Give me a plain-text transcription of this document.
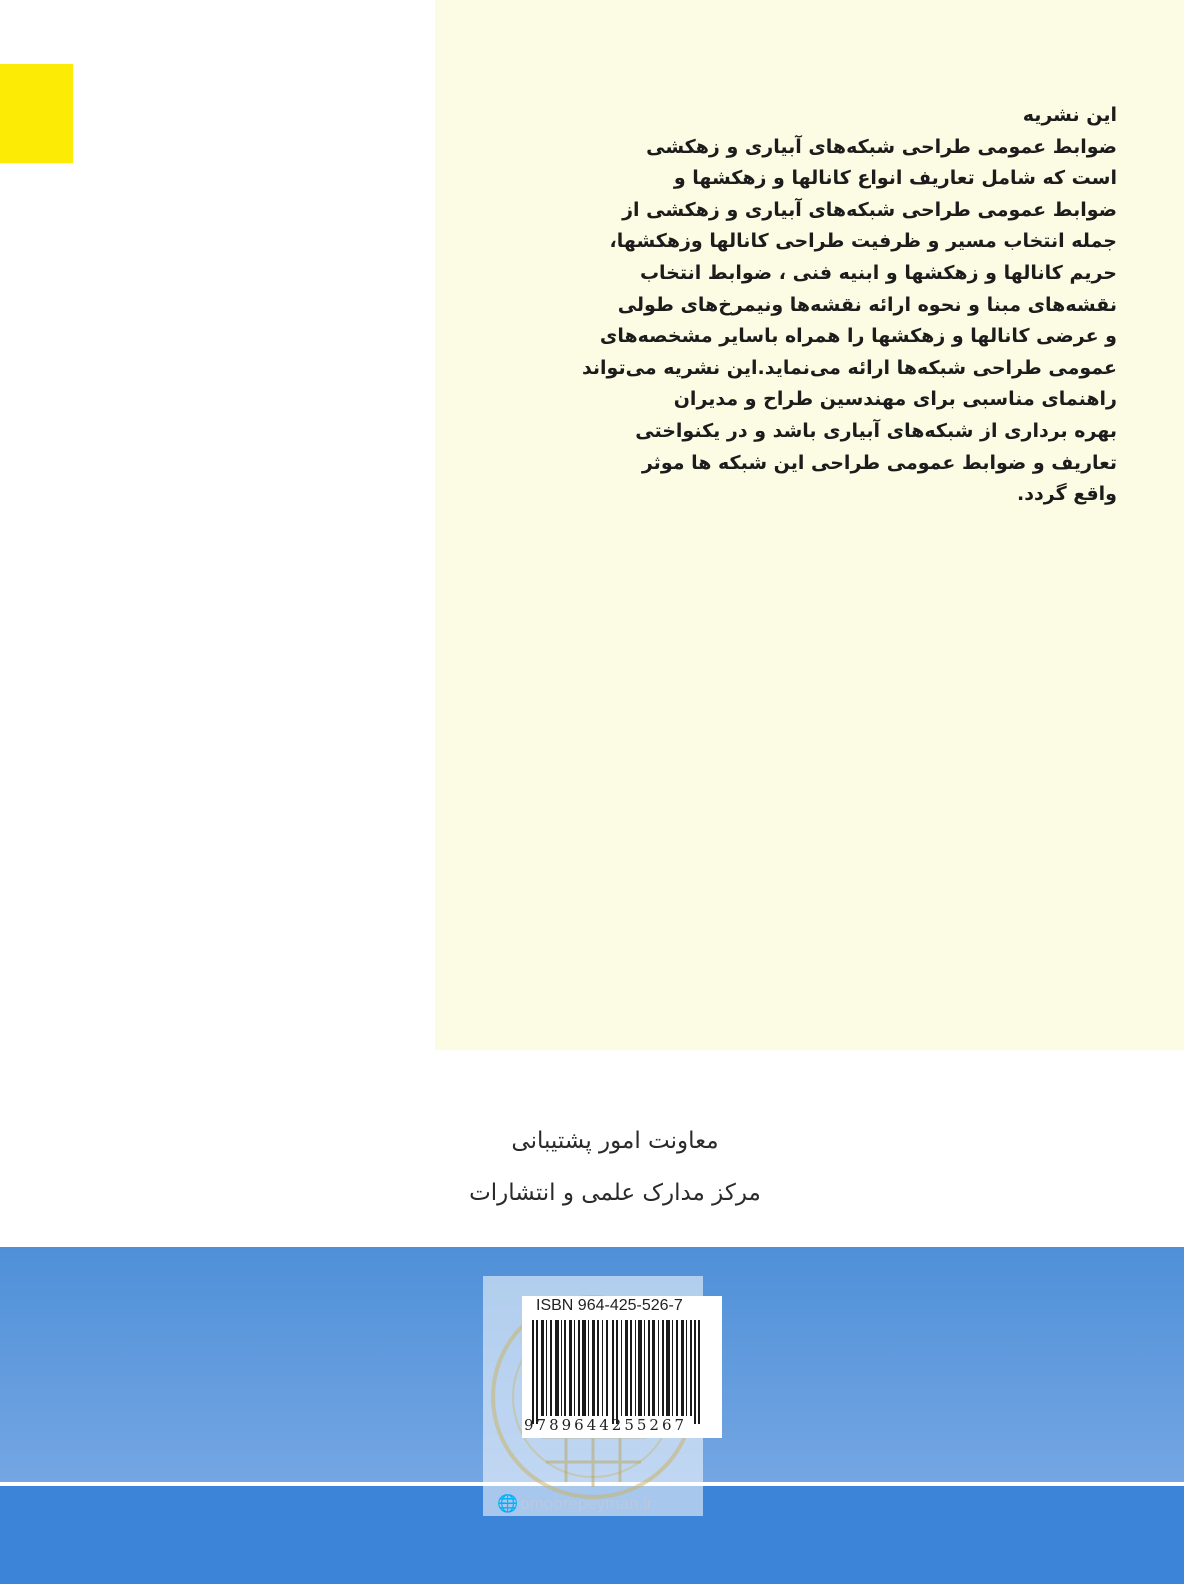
این نشریه
ضوابط عمومی طراحی شبکه‌های آبیاری و زهکشی
است که شامل تعاریف انواع کانالها و زهکشها و
ضوابط عمومی طراحی شبکه‌های آبیاری و زهکشی از
جمله انتخاب مسیر و ظرفیت طراحی کانالها وزهکشها،
حریم کانالها و زهکشها و ابنیه فنی ، ضوابط انتخاب
نقشه‌های مبنا و نحوه ارائه نقشه‌ها ونیمرخ‌های طولی
و عرضی کانالها و زهکشها را همراه باسایر مشخصه‌های
عمومی طراحی شبکه‌ها ارائه می‌نماید.این نشریه می‌تواند
راهنمای مناسبی برای مهندسین طراح و مدیران
بهره برداری از شبکه‌های آبیاری باشد و در یکنواختی
تعاریف و ضوابط عمومی طراحی این شبکه ها موثر
واقع گردد.
معاونت امور پشتیبانی
مرکز مدارک علمی و انتشارات
ISBN 964-425-526-7
9789644255267
🌐 omoorepeyman.ir
